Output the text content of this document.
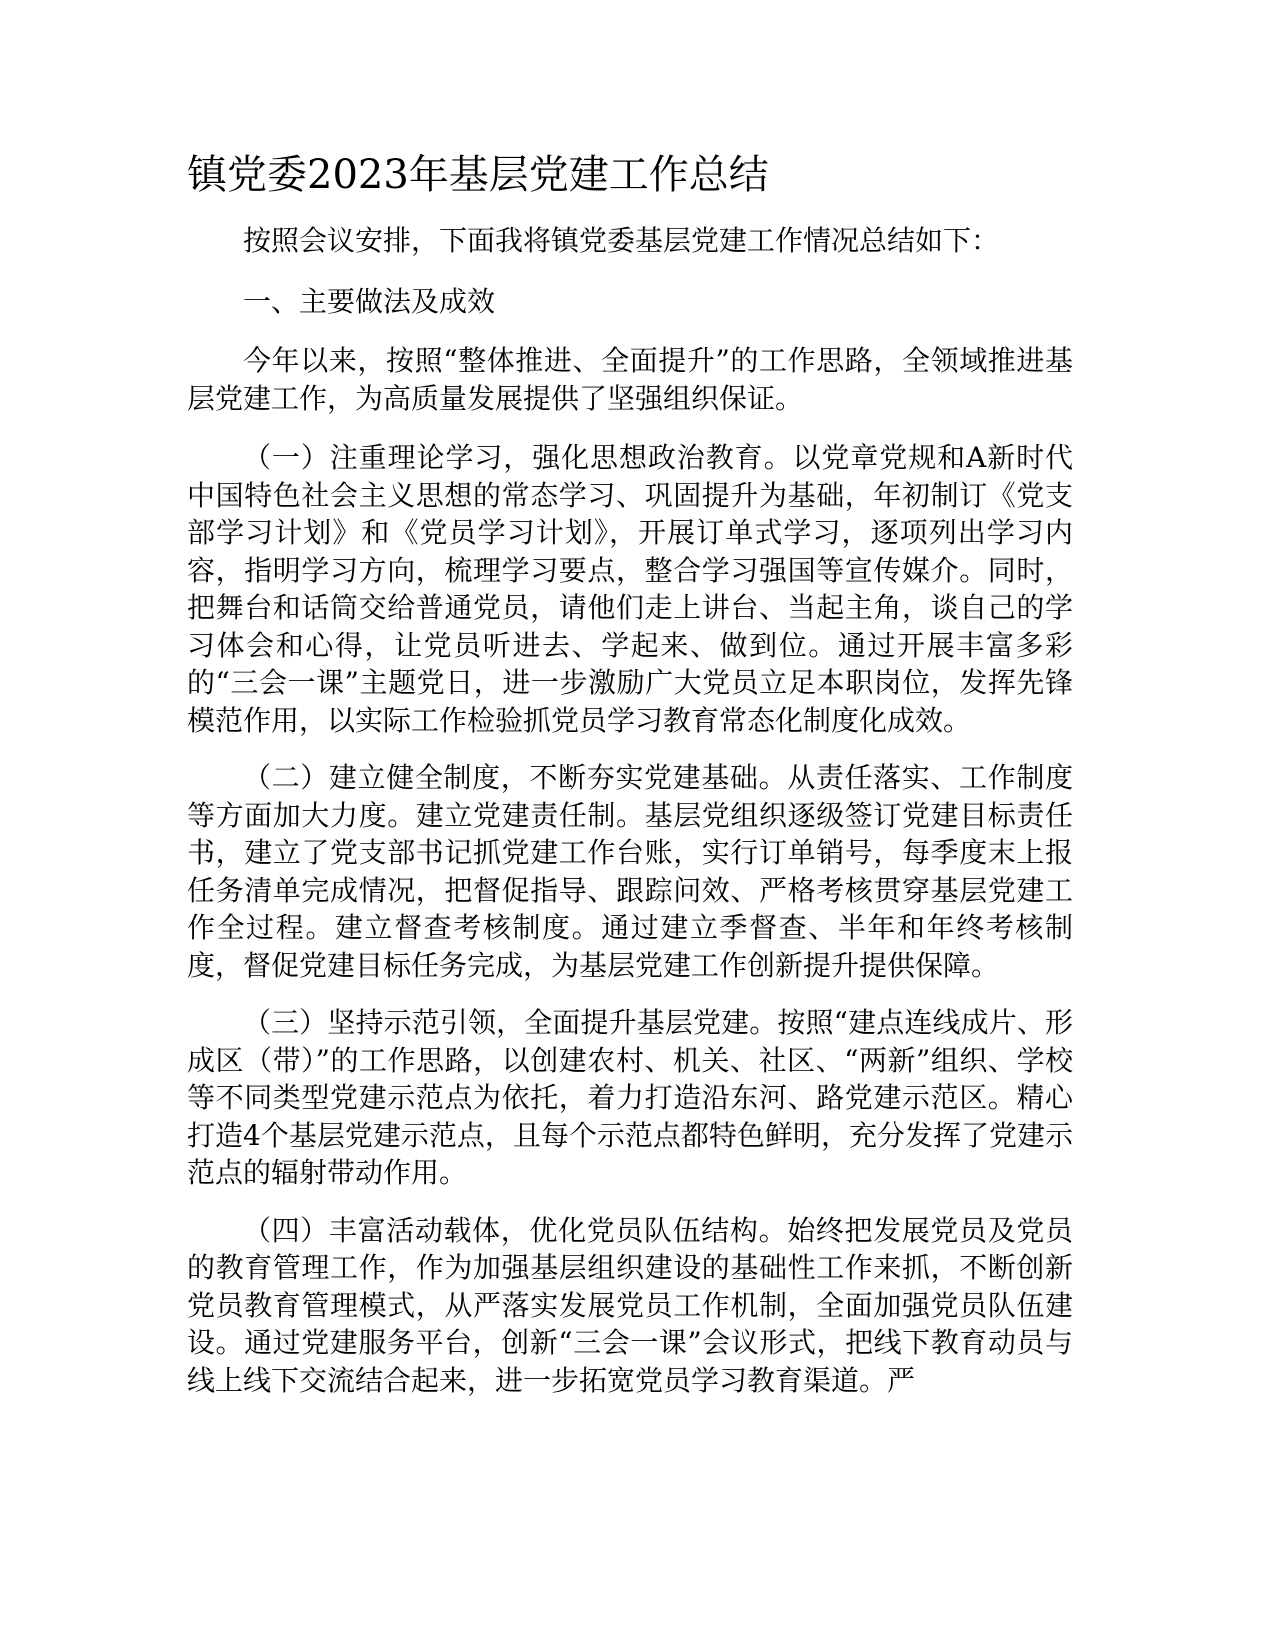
镇党委2023年基层党建工作总结

按照会议安排，下面我将镇党委基层党建工作情况总结如下：

一、主要做法及成效

今年以来，按照“整体推进、全面提升”的工作思路，全领域推进基层党建工作，为高质量发展提供了坚强组织保证。

（一）注重理论学习，强化思想政治教育。以党章党规和A新时代中国特色社会主义思想的常态学习、巩固提升为基础，年初制订《党支部学习计划》和《党员学习计划》，开展订单式学习，逐项列出学习内容，指明学习方向，梳理学习要点，整合学习强国等宣传媒介。同时，把舞台和话筒交给普通党员，请他们走上讲台、当起主角，谈自己的学习体会和心得，让党员听进去、学起来、做到位。通过开展丰富多彩的“三会一课”主题党日，进一步激励广大党员立足本职岗位，发挥先锋模范作用，以实际工作检验抓党员学习教育常态化制度化成效。

（二）建立健全制度，不断夯实党建基础。从责任落实、工作制度等方面加大力度。建立党建责任制。基层党组织逐级签订党建目标责任书，建立了党支部书记抓党建工作台账，实行订单销号，每季度末上报任务清单完成情况，把督促指导、跟踪问效、严格考核贯穿基层党建工作全过程。建立督查考核制度。通过建立季督查、半年和年终考核制度，督促党建目标任务完成，为基层党建工作创新提升提供保障。

（三）坚持示范引领，全面提升基层党建。按照“建点连线成片、形成区（带）”的工作思路，以创建农村、机关、社区、“两新”组织、学校等不同类型党建示范点为依托，着力打造沿东河、路党建示范区。精心打造4个基层党建示范点，且每个示范点都特色鲜明，充分发挥了党建示范点的辐射带动作用。

（四）丰富活动载体，优化党员队伍结构。始终把发展党员及党员的教育管理工作，作为加强基层组织建设的基础性工作来抓，不断创新党员教育管理模式，从严落实发展党员工作机制，全面加强党员队伍建设。通过党建服务平台，创新“三会一课”会议形式，把线下教育动员与线上线下交流结合起来，进一步拓宽党员学习教育渠道。严
